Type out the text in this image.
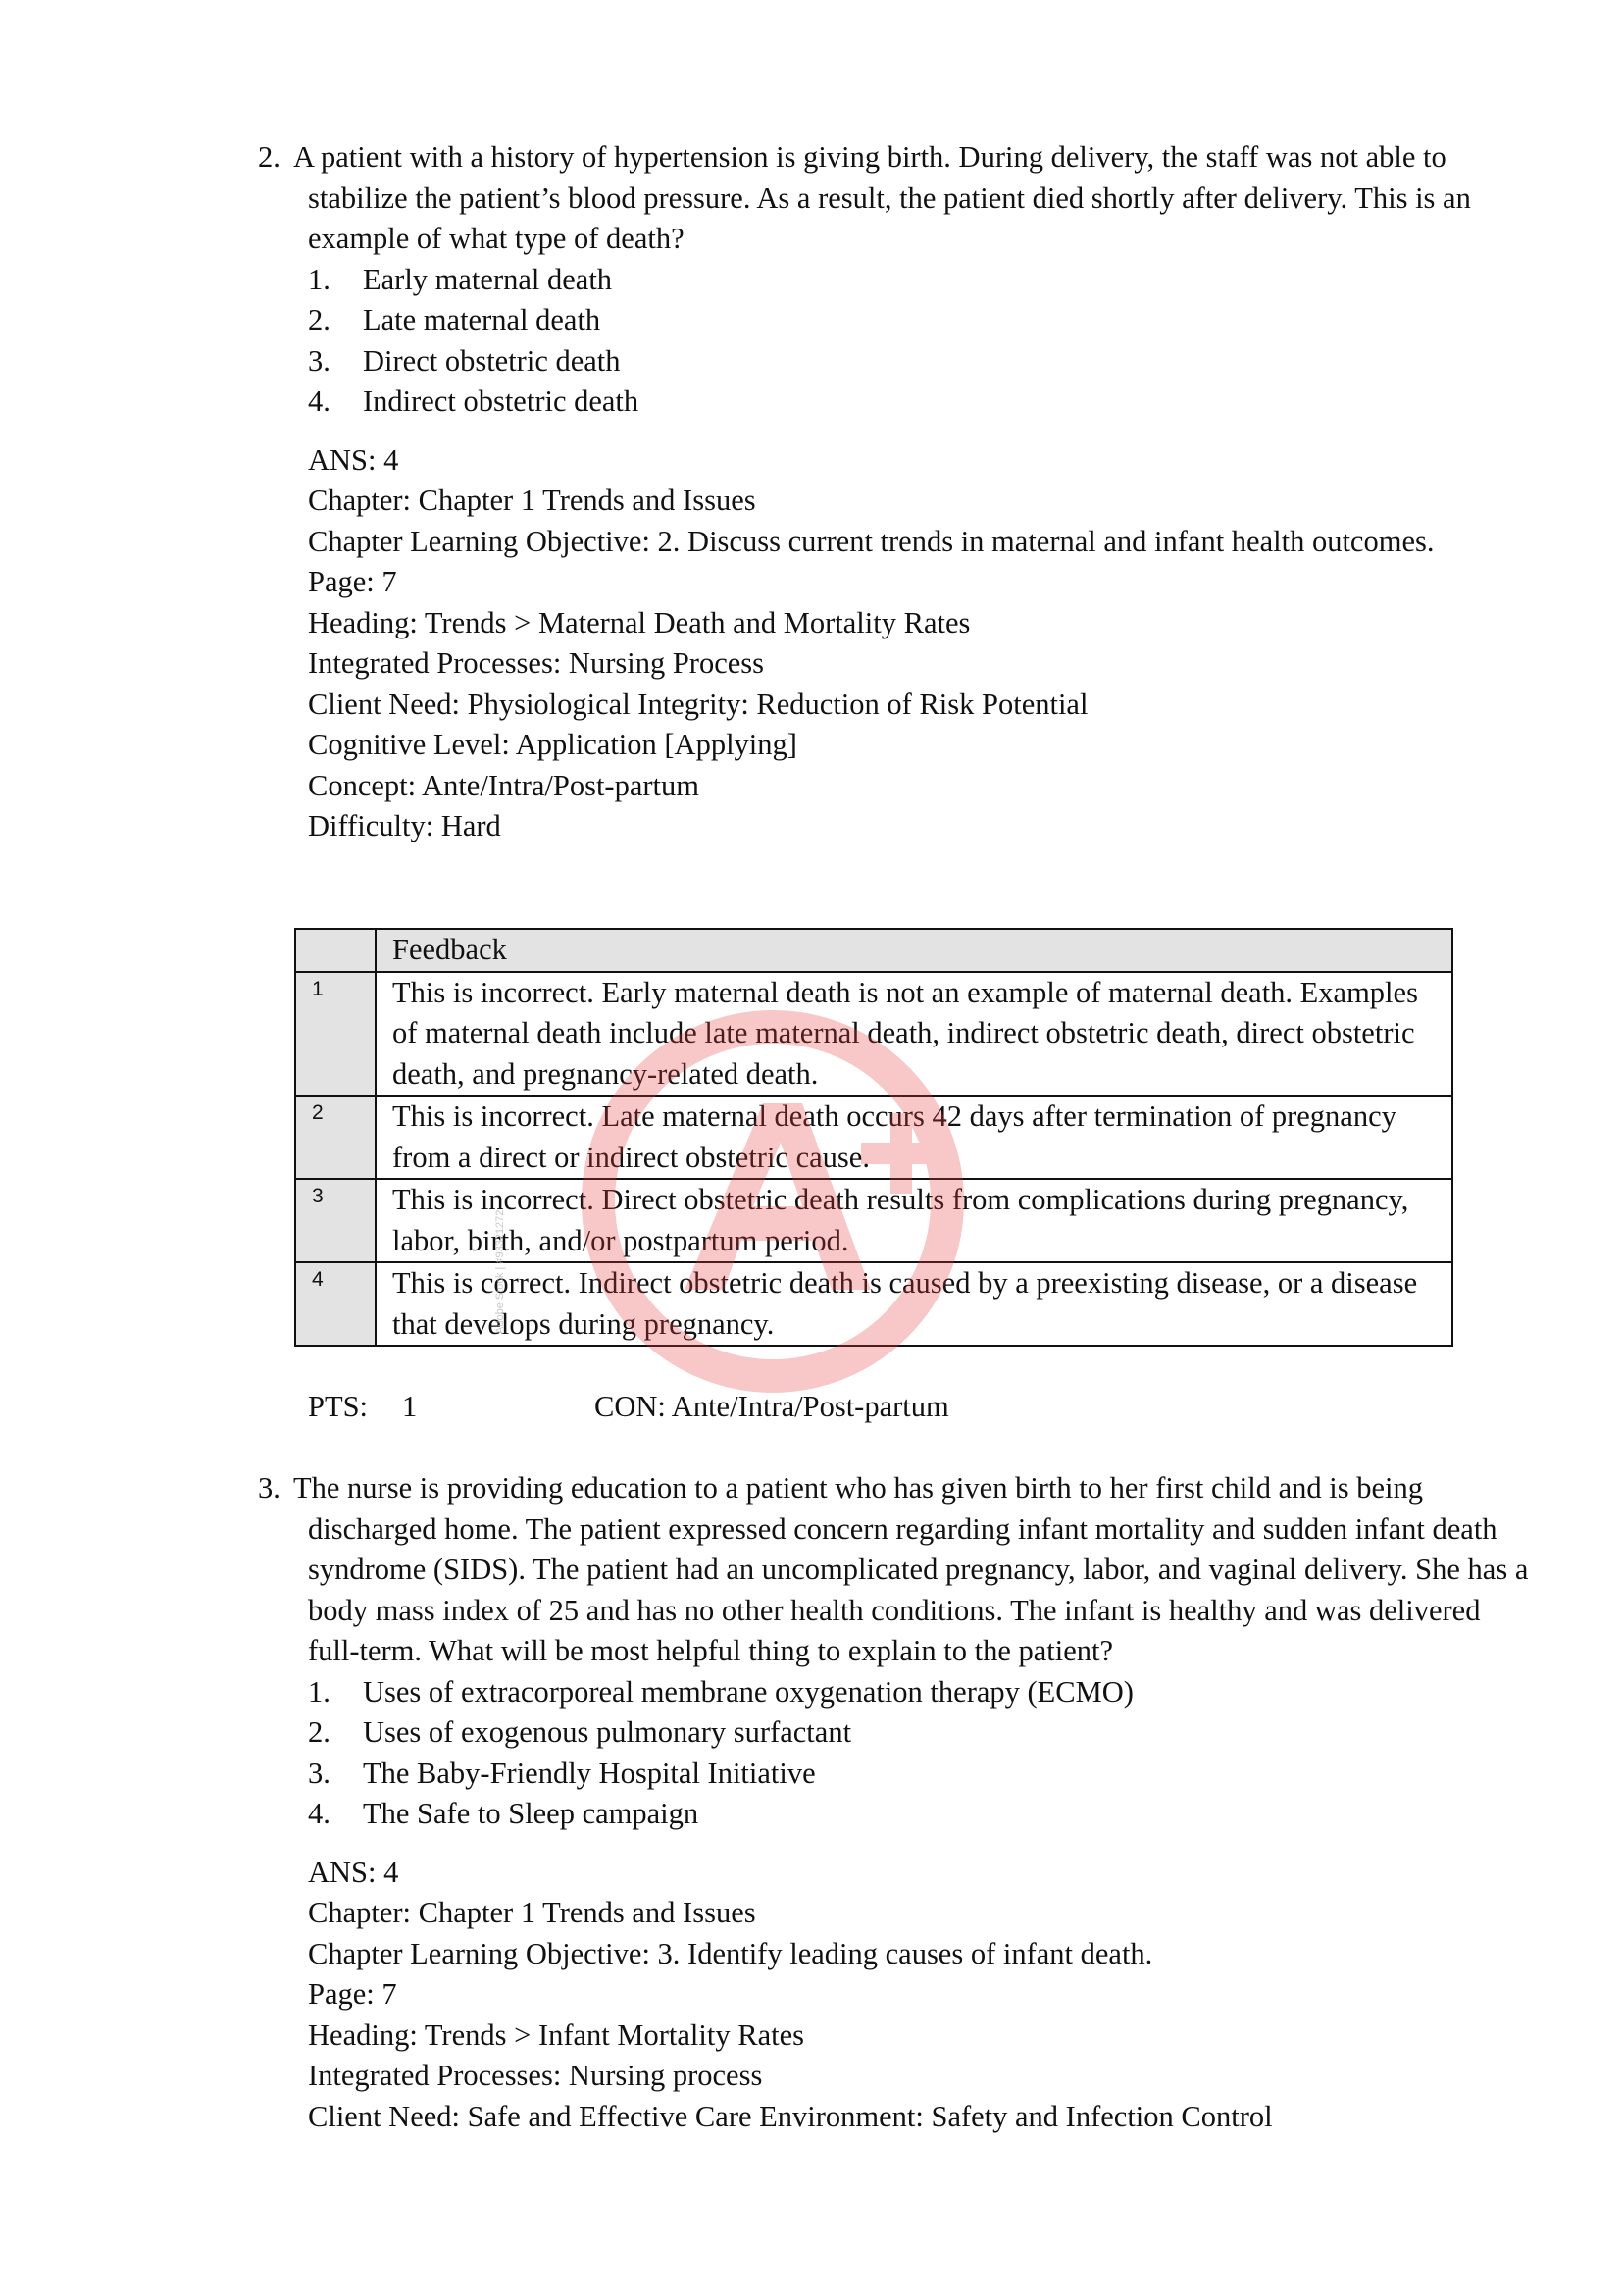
2. A patient with a history of hypertension is giving birth. During delivery, the staff was not able to stabilize the patient’s blood pressure. As a result, the patient died shortly after delivery. This is an example of what type of death?

1.	Early maternal death
2.	Late maternal death
3.	Direct obstetric death
4.	Indirect obstetric death
ANS: 4
Chapter: Chapter 1 Trends and Issues
Chapter Learning Objective: 2. Discuss current trends in maternal and infant health outcomes.
Page: 7
Heading: Trends > Maternal Death and Mortality Rates
Integrated Processes: Nursing Process
Client Need: Physiological Integrity: Reduction of Risk Potential
Cognitive Level: Application [Applying]
Concept: Ante/Intra/Post-partum
Difficulty: Hard
	Feedback
1	This is incorrect. Early maternal death is not an example of maternal death. Examples of maternal death include late maternal death, indirect obstetric death, direct obstetric death, and pregnancy-related death.
2	This is incorrect. Late maternal death occurs 42 days after termination of pregnancy from a direct or indirect obstetric cause.
3	This is incorrect. Direct obstetric death results from complications during pregnancy, labor, birth, and/or postpartum period.
4	This is correct. Indirect obstetric death is caused by a preexisting disease, or a disease that develops during pregnancy.
Adobe Stock | #93321272
PTS: 1	CON: Ante/Intra/Post-partum

3. The nurse is providing education to a patient who has given birth to her first child and is being discharged home. The patient expressed concern regarding infant mortality and sudden infant death syndrome (SIDS). The patient had an uncomplicated pregnancy, labor, and vaginal delivery. She has a body mass index of 25 and has no other health conditions. The infant is healthy and was delivered full-term. What will be most helpful thing to explain to the patient?

1.	Uses of extracorporeal membrane oxygenation therapy (ECMO)
2.	Uses of exogenous pulmonary surfactant
3.	The Baby-Friendly Hospital Initiative
4.	The Safe to Sleep campaign
ANS: 4
Chapter: Chapter 1 Trends and Issues
Chapter Learning Objective: 3. Identify leading causes of infant death.
Page: 7
Heading: Trends > Infant Mortality Rates
Integrated Processes: Nursing process
Client Need: Safe and Effective Care Environment: Safety and Infection Control
